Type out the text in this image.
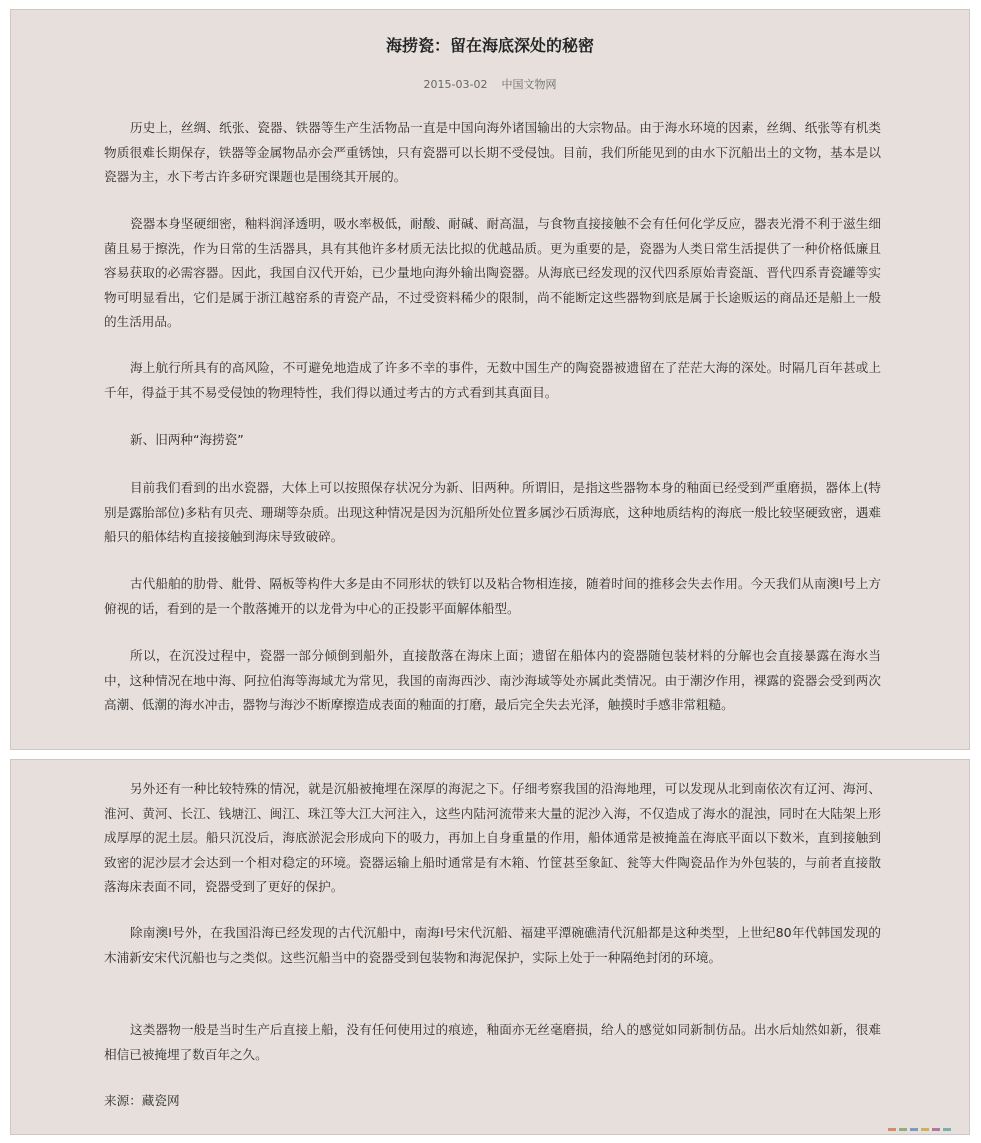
海捞瓷：留在海底深处的秘密
2015-03-02 中国文物网

历史上，丝绸、纸张、瓷器、铁器等生产生活物品一直是中国向海外诸国输出的大宗物品。由于海水环境的因素，丝绸、纸张等有机类物质很难长期保存，铁器等金属物品亦会严重锈蚀，只有瓷器可以长期不受侵蚀。目前，我们所能见到的由水下沉船出土的文物，基本是以瓷器为主，水下考古许多研究课题也是围绕其开展的。

瓷器本身坚硬细密，釉料润泽透明，吸水率极低，耐酸、耐碱、耐高温，与食物直接接触不会有任何化学反应，器表光滑不利于滋生细菌且易于擦洗，作为日常的生活器具，具有其他许多材质无法比拟的优越品质。更为重要的是，瓷器为人类日常生活提供了一种价格低廉且容易获取的必需容器。因此，我国自汉代开始，已少量地向海外输出陶瓷器。从海底已经发现的汉代四系原始青瓷瓿、晋代四系青瓷罐等实物可明显看出，它们是属于浙江越窑系的青瓷产品，不过受资料稀少的限制，尚不能断定这些器物到底是属于长途贩运的商品还是船上一般的生活用品。

海上航行所具有的高风险，不可避免地造成了许多不幸的事件，无数中国生产的陶瓷器被遗留在了茫茫大海的深处。时隔几百年甚或上千年，得益于其不易受侵蚀的物理特性，我们得以通过考古的方式看到其真面目。

新、旧两种“海捞瓷”

目前我们看到的出水瓷器，大体上可以按照保存状况分为新、旧两种。所谓旧，是指这些器物本身的釉面已经受到严重磨损，器体上(特别是露胎部位)多粘有贝壳、珊瑚等杂质。出现这种情况是因为沉船所处位置多属沙石质海底，这种地质结构的海底一般比较坚硬致密，遇难船只的船体结构直接接触到海床导致破碎。

古代船舶的肋骨、舭骨、隔板等构件大多是由不同形状的铁钉以及粘合物相连接，随着时间的推移会失去作用。今天我们从南澳Ⅰ号上方俯视的话，看到的是一个散落摊开的以龙骨为中心的正投影平面解体船型。

所以，在沉没过程中，瓷器一部分倾倒到船外，直接散落在海床上面；遗留在船体内的瓷器随包装材料的分解也会直接暴露在海水当中，这种情况在地中海、阿拉伯海等海域尤为常见，我国的南海西沙、南沙海域等处亦属此类情况。由于潮汐作用，裸露的瓷器会受到两次高潮、低潮的海水冲击，器物与海沙不断摩擦造成表面的釉面的打磨，最后完全失去光泽，触摸时手感非常粗糙。

另外还有一种比较特殊的情况，就是沉船被掩埋在深厚的海泥之下。仔细考察我国的沿海地理，可以发现从北到南依次有辽河、海河、淮河、黄河、长江、钱塘江、闽江、珠江等大江大河注入，这些内陆河流带来大量的泥沙入海，不仅造成了海水的混浊，同时在大陆架上形成厚厚的泥土层。船只沉没后，海底淤泥会形成向下的吸力，再加上自身重量的作用，船体通常是被掩盖在海底平面以下数米，直到接触到致密的泥沙层才会达到一个相对稳定的环境。瓷器运输上船时通常是有木箱、竹筐甚至象缸、瓮等大件陶瓷品作为外包装的，与前者直接散落海床表面不同，瓷器受到了更好的保护。

除南澳Ⅰ号外，在我国沿海已经发现的古代沉船中，南海Ⅰ号宋代沉船、福建平潭碗礁清代沉船都是这种类型，上世纪80年代韩国发现的木浦新安宋代沉船也与之类似。这些沉船当中的瓷器受到包装物和海泥保护，实际上处于一种隔绝封闭的环境。

这类器物一般是当时生产后直接上船，没有任何使用过的痕迹，釉面亦无丝毫磨损，给人的感觉如同新制仿品。出水后灿然如新，很难相信已被掩埋了数百年之久。

来源：藏瓷网
